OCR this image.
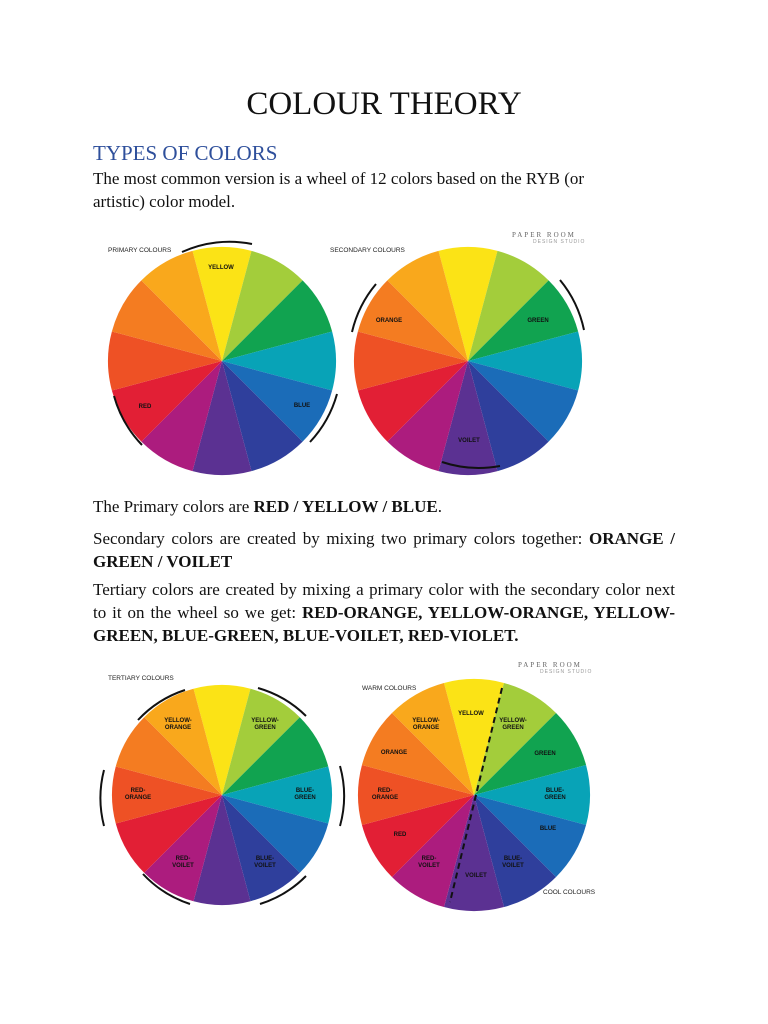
COLOUR THEORY
TYPES OF COLORS

The most common version is a wheel of 12 colors based on the RYB (or
artistic) color model.

The Primary colors are RED / YELLOW / BLUE.

Secondary colors are created by mixing two primary colors together: ORANGE / GREEN / VOILET

Tertiary colors are created by mixing a primary color with the secondary color next to it on the wheel so we get: RED-ORANGE, YELLOW-ORANGE, YELLOW-GREEN, BLUE-GREEN, BLUE-VOILET, RED-VIOLET.

PRIMARY COLOURS	SECONDARY COLOURS
PAPER ROOM
DESIGN STUDIO
YELLOW
RED	BLUE
ORANGE	GREEN
VOILET
TERTIARY COLOURS
WARM COLOURS
COOL COLOURS
PAPER ROOM
DESIGN STUDIO
YELLOW-ORANGE
YELLOW-GREEN
RED-ORANGE
BLUE-GREEN
RED-VOILET
BLUE-VOILET
YELLOW
YELLOW-GREEN
GREEN
BLUE-GREEN
BLUE
BLUE-VOILET
VOILET
RED-VOILET
RED
RED-ORANGE
ORANGE
YELLOW-ORANGE
